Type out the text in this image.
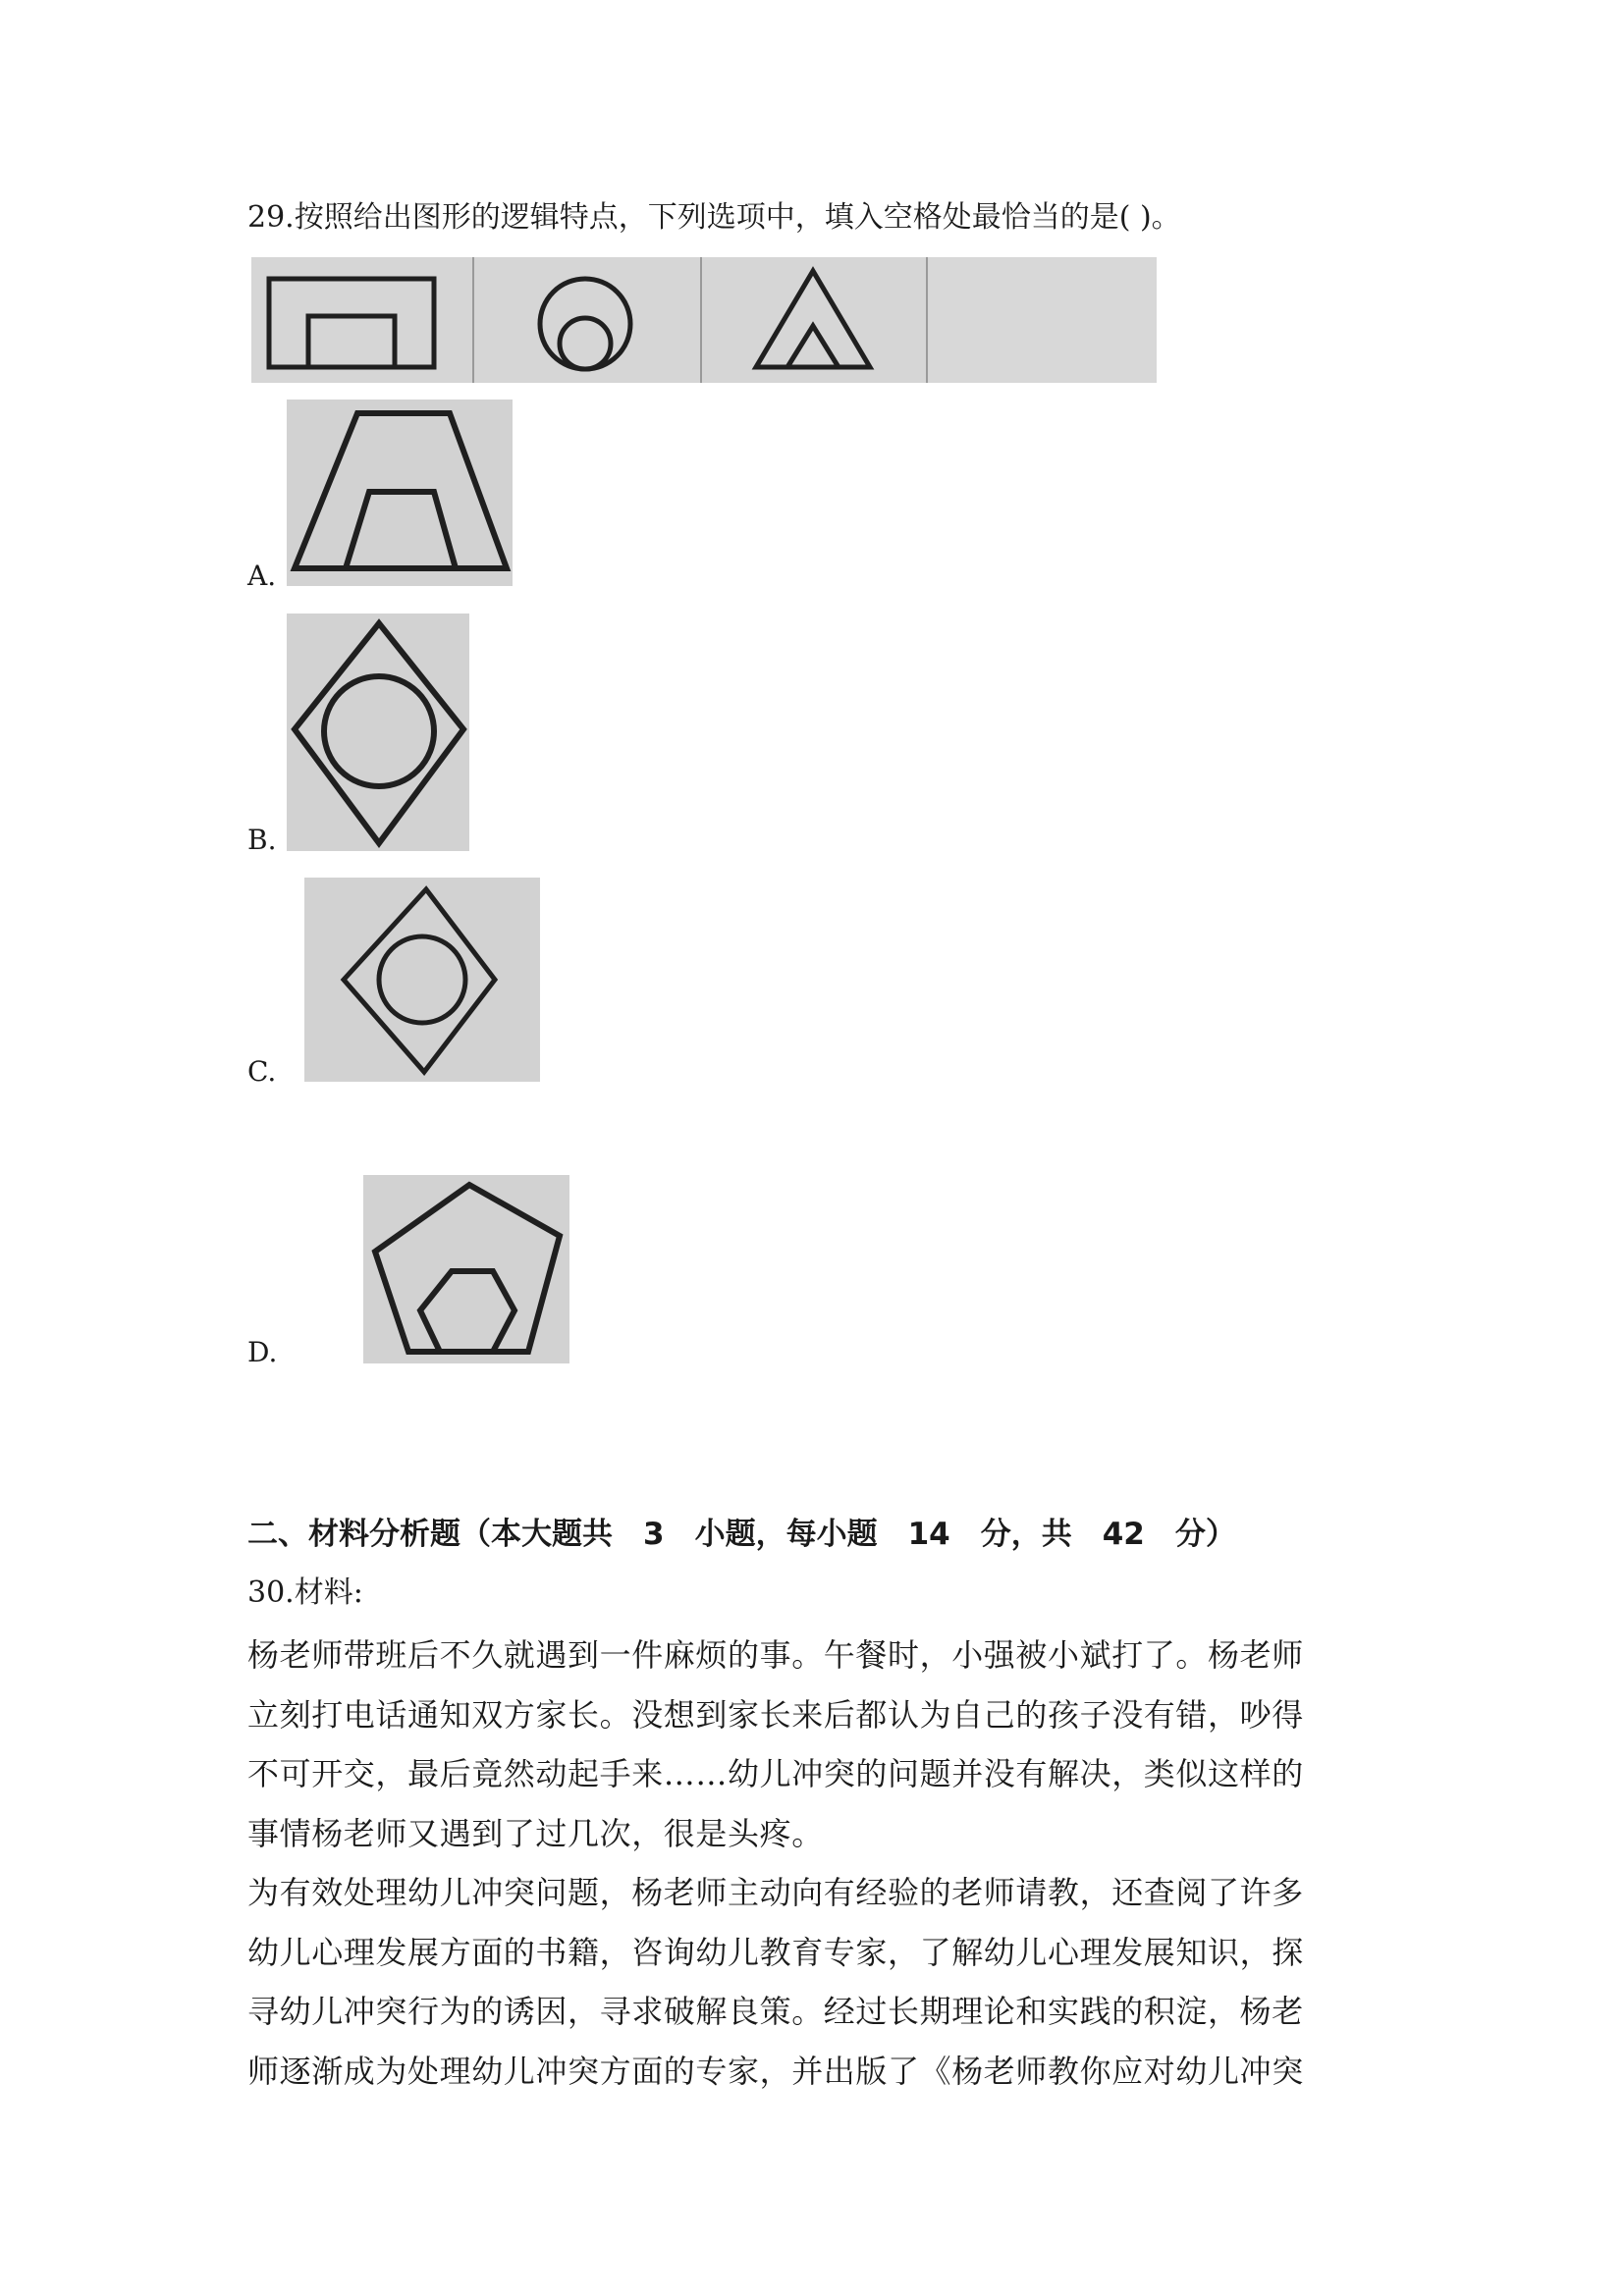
29.按照给出图形的逻辑特点，下列选项中，填入空格处最恰当的是( )。
A.
B.
C.
D.
二、材料分析题（本大题共　3　小题，每小题　14　分，共　42　分）
30.材料:
杨老师带班后不久就遇到一件麻烦的事。午餐时，小强被小斌打了。杨老师
立刻打电话通知双方家长。没想到家长来后都认为自己的孩子没有错，吵得
不可开交，最后竟然动起手来……幼儿冲突的问题并没有解决，类似这样的
事情杨老师又遇到了过几次，很是头疼。
为有效处理幼儿冲突问题，杨老师主动向有经验的老师请教，还查阅了许多
幼儿心理发展方面的书籍，咨询幼儿教育专家，了解幼儿心理发展知识，探
寻幼儿冲突行为的诱因，寻求破解良策。经过长期理论和实践的积淀，杨老
师逐渐成为处理幼儿冲突方面的专家，并出版了《杨老师教你应对幼儿冲突
